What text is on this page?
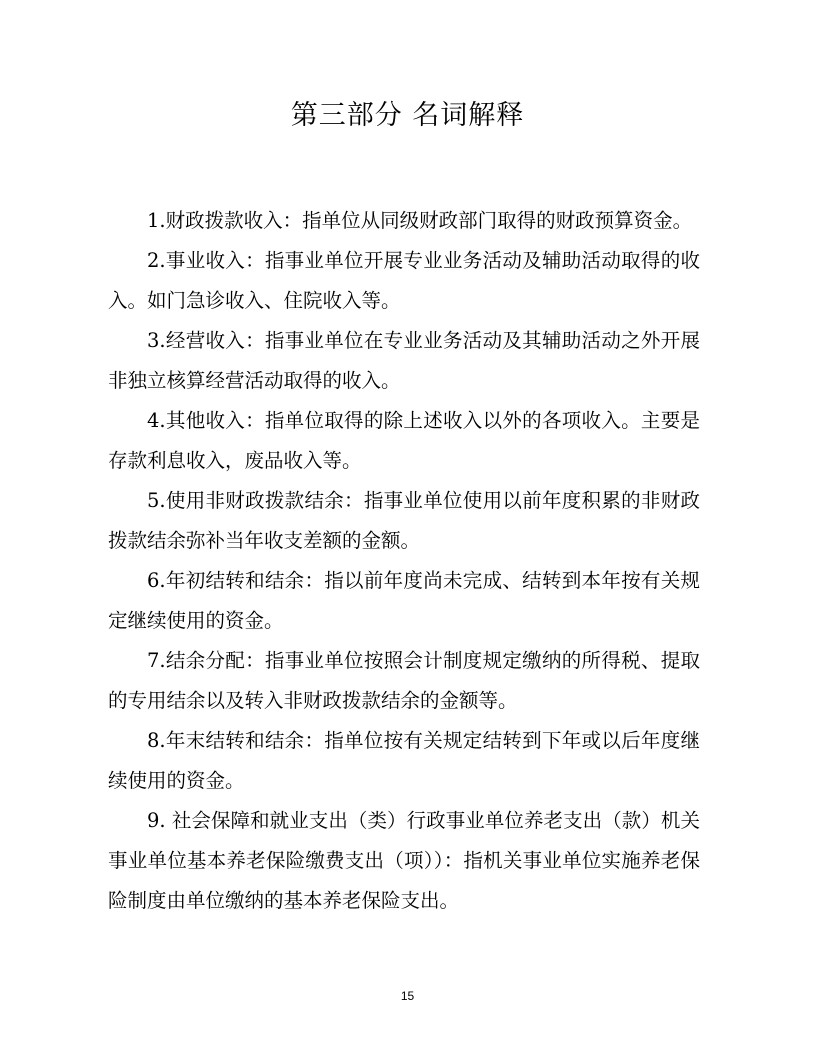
第三部分 名词解释

1.财政拨款收入：指单位从同级财政部门取得的财政预算资金。

2.事业收入：指事业单位开展专业业务活动及辅助活动取得的收入。如门急诊收入、住院收入等。

3.经营收入：指事业单位在专业业务活动及其辅助活动之外开展非独立核算经营活动取得的收入。

4.其他收入：指单位取得的除上述收入以外的各项收入。主要是存款利息收入，废品收入等。

5.使用非财政拨款结余：指事业单位使用以前年度积累的非财政拨款结余弥补当年收支差额的金额。

6.年初结转和结余：指以前年度尚未完成、结转到本年按有关规定继续使用的资金。

7.结余分配：指事业单位按照会计制度规定缴纳的所得税、提取的专用结余以及转入非财政拨款结余的金额等。

8.年末结转和结余：指单位按有关规定结转到下年或以后年度继续使用的资金。

9. 社会保障和就业支出（类）行政事业单位养老支出（款）机关事业单位基本养老保险缴费支出（项））：指机关事业单位实施养老保险制度由单位缴纳的基本养老保险支出。

15
